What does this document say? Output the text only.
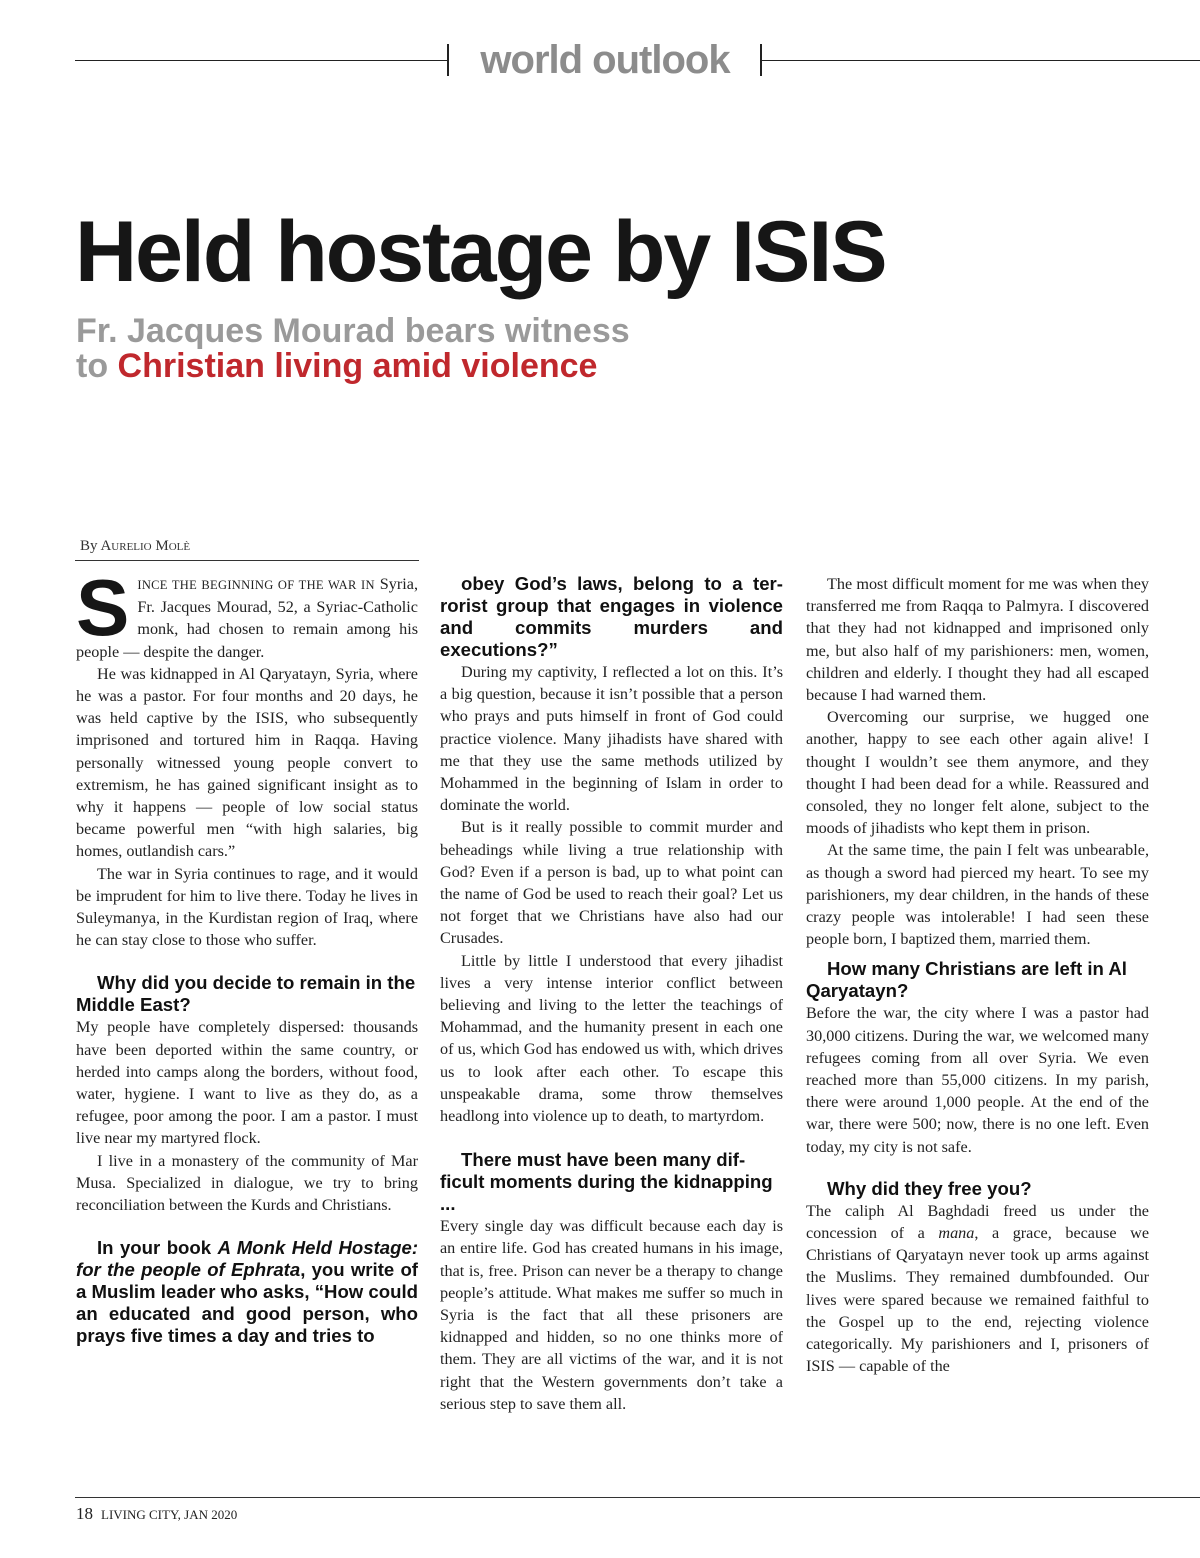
world outlook
Held hostage by ISIS
Fr. Jacques Mourad bears witness
to Christian living amid violence
By AURELIO MOLÈ

SINCE THE BEGINNING OF THE WAR IN Syria, Fr. Jacques Mourad, 52, a Syriac-Catholic monk, had chosen to remain among his people — despite the danger.

He was kidnapped in Al Qaryatayn, Syria, where he was a pastor. For four months and 20 days, he was held captive by the ISIS, who subsequently imprisoned and tortured him in Raqqa. Having personally witnessed young people convert to extremism, he has gained significant insight as to why it happens — people of low social status became powerful men “with high salaries, big homes, outlandish cars.”

The war in Syria continues to rage, and it would be imprudent for him to live there. Today he lives in Suleymanya, in the Kurdistan region of Iraq, where he can stay close to those who suffer.

Why did you decide to remain in the Middle East?

My people have completely dispersed: thousands have been deported within the same country, or herded into camps along the borders, without food, water, hygiene. I want to live as they do, as a refugee, poor among the poor. I am a pastor. I must live near my martyred flock.

I live in a monastery of the community of Mar Musa. Specialized in dialogue, we try to bring reconciliation between the Kurds and Christians.

In your book A Monk Held Hostage: for the people of Ephrata, you write of a Muslim leader who asks, “How could an educated and good person, who prays five times a day and tries to

obey God’s laws, belong to a terrorist group that engages in violence and commits murders and executions?”

During my captivity, I reflected a lot on this. It’s a big question, because it isn’t possible that a person who prays and puts himself in front of God could practice violence. Many jihadists have shared with me that they use the same methods utilized by Mohammed in the beginning of Islam in order to dominate the world.

But is it really possible to commit murder and beheadings while living a true relationship with God? Even if a person is bad, up to what point can the name of God be used to reach their goal? Let us not forget that we Christians have also had our Crusades.

Little by little I understood that every jihadist lives a very intense interior conflict between believing and living to the letter the teachings of Mohammad, and the humanity present in each one of us, which God has endowed us with, which drives us to look after each other. To escape this unspeakable drama, some throw themselves headlong into violence up to death, to martyrdom.

There must have been many difficult moments during the kidnapping ...

Every single day was difficult because each day is an entire life. God has created humans in his image, that is, free. Prison can never be a therapy to change people’s attitude. What makes me suffer so much in Syria is the fact that all these prisoners are kidnapped and hidden, so no one thinks more of them. They are all victims of the war, and it is not right that the Western governments don’t take a serious step to save them all.

The most difficult moment for me was when they transferred me from Raqqa to Palmyra. I discovered that they had not kidnapped and imprisoned only me, but also half of my parishioners: men, women, children and elderly. I thought they had all escaped because I had warned them.

Overcoming our surprise, we hugged one another, happy to see each other again alive! I thought I wouldn’t see them anymore, and they thought I had been dead for a while. Reassured and consoled, they no longer felt alone, subject to the moods of jihadists who kept them in prison.

At the same time, the pain I felt was unbearable, as though a sword had pierced my heart. To see my parishioners, my dear children, in the hands of these crazy people was intolerable! I had seen these people born, I baptized them, married them.

How many Christians are left in Al Qaryatayn?

Before the war, the city where I was a pastor had 30,000 citizens. During the war, we welcomed many refugees coming from all over Syria. We even reached more than 55,000 citizens. In my parish, there were around 1,000 people. At the end of the war, there were 500; now, there is no one left. Even today, my city is not safe.

Why did they free you?

The caliph Al Baghdadi freed us under the concession of a mana, a grace, because we Christians of Qaryatayn never took up arms against the Muslims. They remained dumbfounded. Our lives were spared because we remained faithful to the Gospel up to the end, rejecting violence categorically. My parishioners and I, prisoners of ISIS — capable of the

18 LIVING CITY, JAN 2020
